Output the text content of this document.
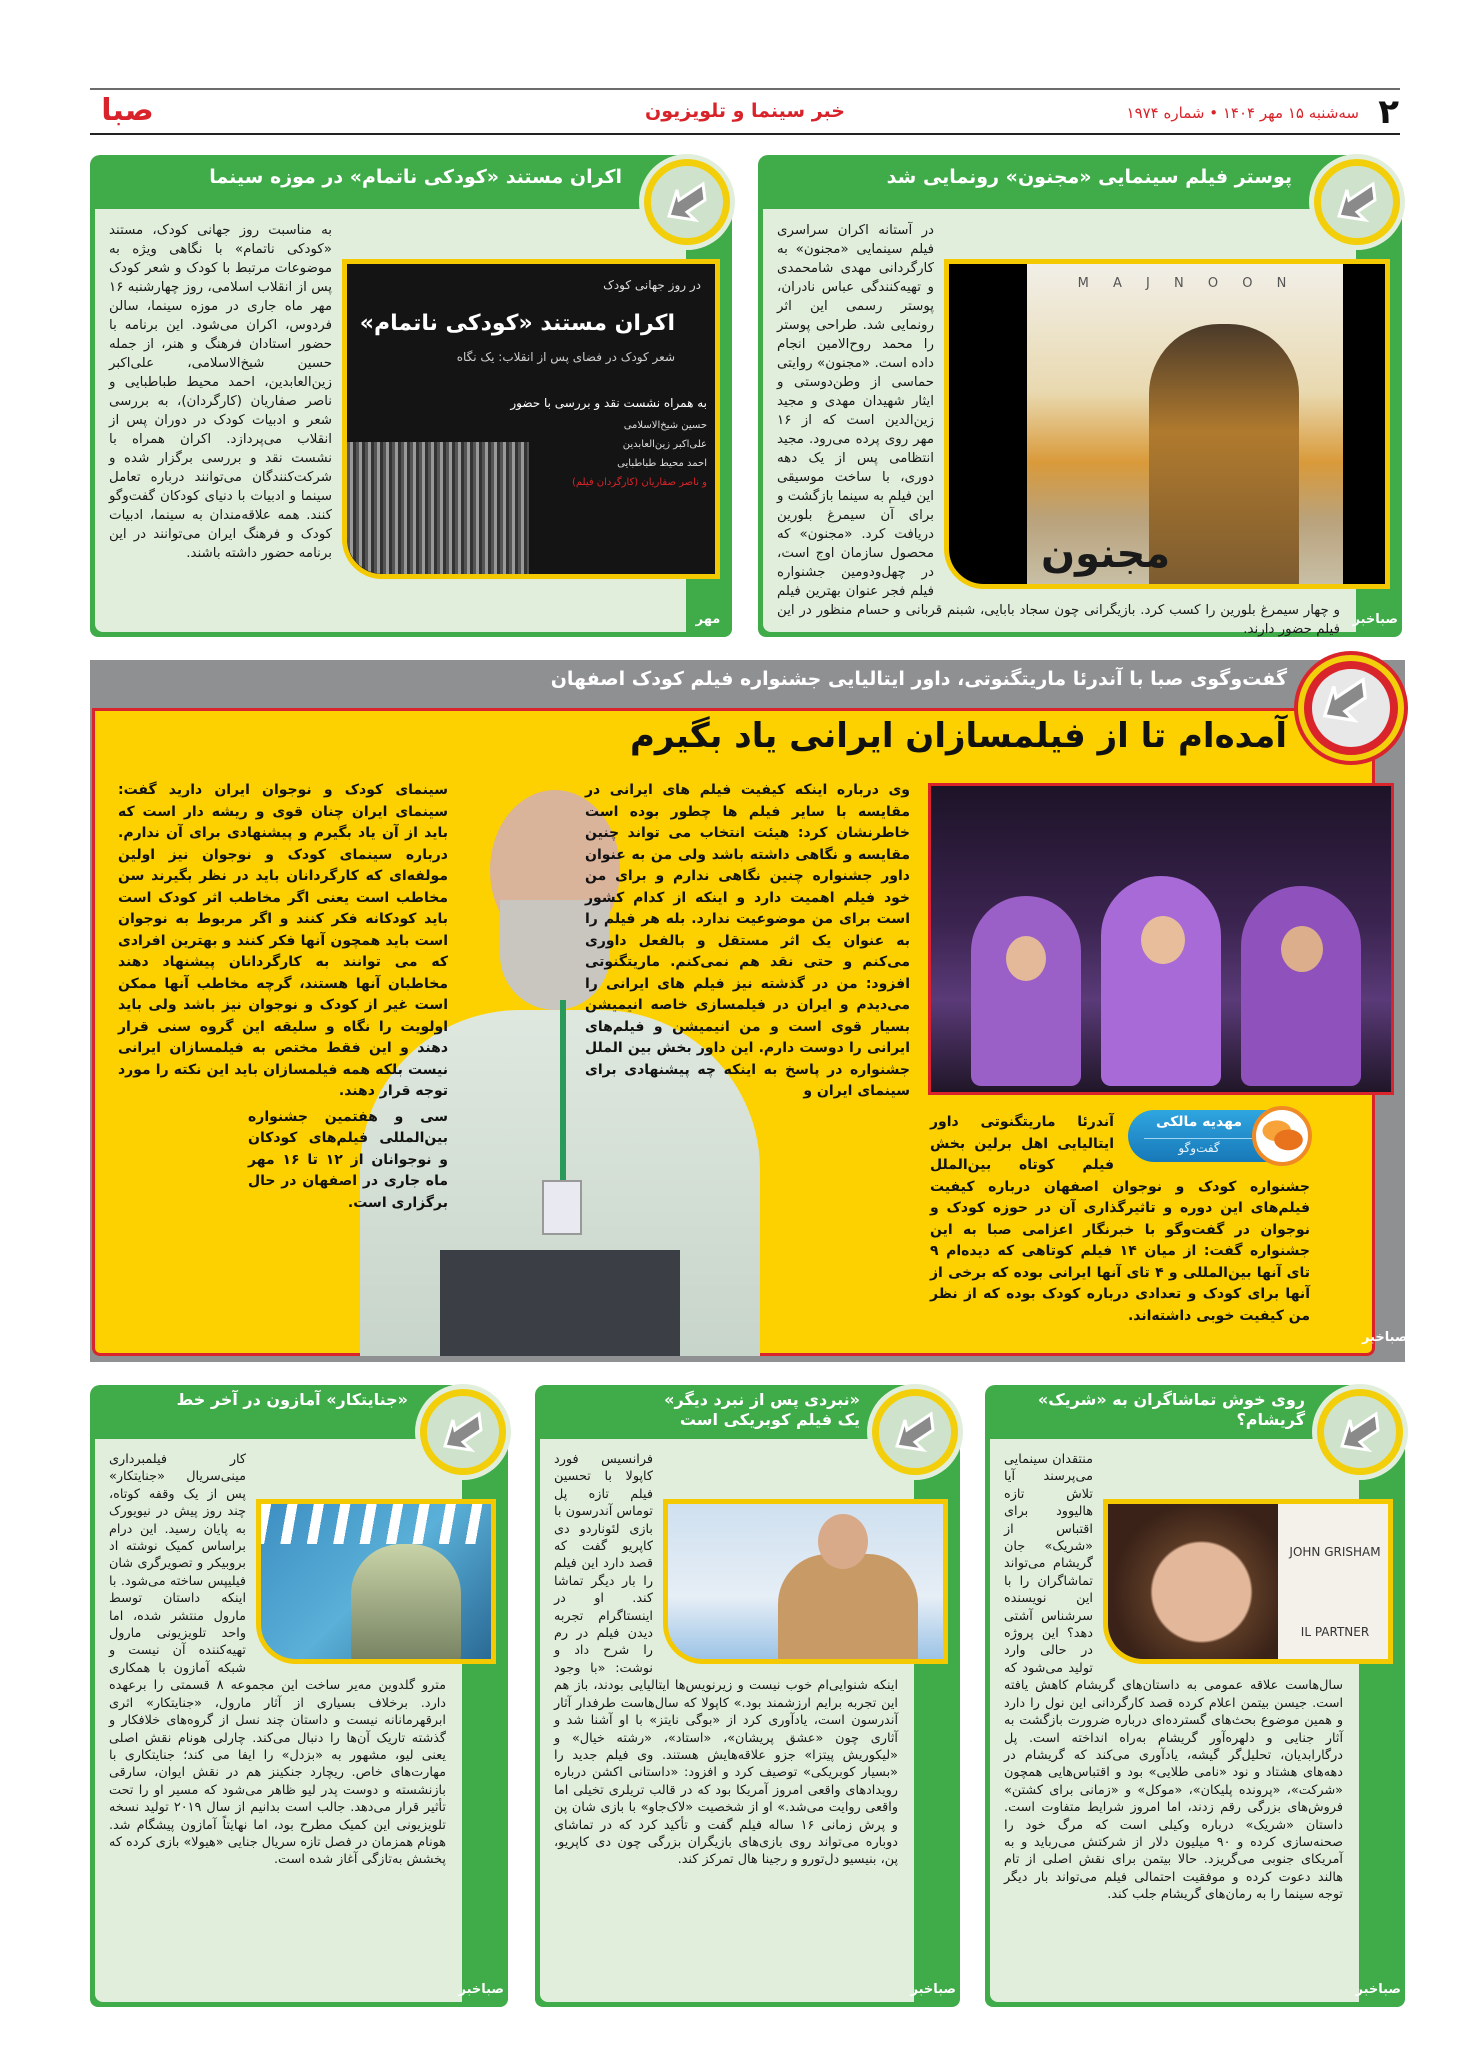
۲
سه‌شنبه ۱۵ مهر ۱۴۰۴ • شماره ۱۹۷۴
خبر سینما و تلویزیون
صبا
پوستر فیلم سینمایی «مجنون» رونمایی شد
M A J N O O N
مجنون
در آستانه اکران سراسری فیلم سینمایی «مجنون» به کارگردانی مهدی شامحمدی و تهیه‌کنندگی عباس نادران، پوستر رسمی این اثر رونمایی شد. طراحی پوستر را محمد روح‌الامین انجام داده است. «مجنون» روایتی حماسی از وطن‌دوستی و ایثار شهیدان مهدی و مجید زین‌الدین است که از ۱۶ مهر روی پرده می‌رود. مجید انتظامی پس از یک دهه دوری، با ساخت موسیقی این فیلم به سینما بازگشت و برای آن سیمرغ بلورین دریافت کرد. «مجنون» که محصول سازمان اوج است، در چهل‌ودومین جشنواره فیلم فجر عنوان بهترین فیلم و چهار سیمرغ بلورین را کسب کرد. بازیگرانی چون سجاد بابایی، شبنم قربانی و حسام منظور در این فیلم حضور دارند.
صباخبر
اکران مستند «کودکی ناتمام» در موزه سینما
در روز جهانی کودک
اکران مستند «کودکی ناتمام»
شعر کودک در فضای پس از انقلاب: یک نگاه
به همراه نشست نقد و بررسی با حضور
حسین شیخ‌الاسلامی
علی‌اکبر زین‌العابدین
احمد محیط طباطبایی
و ناصر صفاریان (کارگردان فیلم)
به مناسبت روز جهانی کودک، مستند «کودکی ناتمام» با نگاهی ویژه به موضوعات مرتبط با کودک و شعر کودک پس از انقلاب اسلامی، روز چهارشنبه ۱۶ مهر ماه جاری در موزه سینما، سالن فردوس، اکران می‌شود. این برنامه با حضور استادان فرهنگ و هنر، از جمله حسین شیخ‌الاسلامی، علی‌اکبر زین‌العابدین، احمد محیط طباطبایی و ناصر صفاریان (کارگردان)، به بررسی شعر و ادبیات کودک در دوران پس از انقلاب می‌پردازد. اکران همراه با نشست نقد و بررسی برگزار شده و شرکت‌کنندگان می‌توانند درباره تعامل سینما و ادبیات با دنیای کودکان گفت‌وگو کنند. همه علاقه‌مندان به سینما، ادبیات کودک و فرهنگ ایران می‌توانند در این برنامه حضور داشته باشند.
مهر
گفت‌وگوی صبا با آندرئا ماریتگنوتی، داور ایتالیایی جشنواره فیلم کودک اصفهان
آمده‌ام تا از فیلمسازان ایرانی یاد بگیرم
وی درباره اینکه کیفیت فیلم های ایرانی در مقایسه با سایر فیلم ها چطور بوده است خاطرنشان کرد: هیئت انتخاب می تواند چنین مقایسه و نگاهی داشته باشد ولی من به عنوان داور جشنواره چنین نگاهی ندارم و برای من خود فیلم اهمیت دارد و اینکه از کدام کشور است برای من موضوعیت ندارد. بله هر فیلم را به عنوان یک اثر مستقل و بالفعل داوری می‌کنم و حتی نقد هم نمی‌کنم. ماریتگنوتی افزود: من در گذشته نیز فیلم های ایرانی را می‌دیدم و ایران در فیلمسازی خاصه انیمیشن بسیار قوی است و من انیمیشن و فیلم‌های ایرانی را دوست دارم. این داور بخش بین الملل جشنواره در پاسخ به اینکه چه پیشنهادی برای سینمای ایران و
سینمای کودک و نوجوان ایران دارید گفت: سینمای ایران چنان قوی و ریشه دار است که باید از آن یاد بگیرم و پیشنهادی برای آن ندارم. درباره سینمای کودک و نوجوان نیز اولین مولفه‌ای که کارگردانان باید در نظر بگیرند سن مخاطب است یعنی اگر مخاطب اثر کودک است باید کودکانه فکر کنند و اگر مربوط به نوجوان است باید همچون آنها فکر کنند و بهترین افرادی که می توانند به کارگردانان پیشنهاد دهند مخاطبان آنها هستند، گرچه مخاطب آنها ممکن است غیر از کودک و نوجوان نیز باشد ولی باید اولویت را نگاه و سلیقه این گروه سنی قرار دهند و این فقط مختص به فیلمسازان ایرانی نیست بلکه همه فیلمسازان باید این نکته را مورد توجه قرار دهند.
سی و هفتمین جشنواره بین‌المللی فیلم‌های کودکان و نوجوانان از ۱۲ تا ۱۶ مهر ماه جاری در اصفهان در حال برگزاری است.
مهدیه مالکی
گفت‌وگو
آندرئا ماریتگنوتی داور ایتالیایی اهل برلین بخش فیلم کوتاه بین‌الملل جشنواره کودک و نوجوان اصفهان درباره کیفیت فیلم‌های این دوره و تاثیرگذاری آن در حوزه کودک و نوجوان در گفت‌وگو با خبرنگار اعزامی صبا به این جشنواره گفت: از میان ۱۴ فیلم کوتاهی که دیده‌ام ۹ تای آنها بین‌المللی و ۴ تای آنها ایرانی بوده که برخی از آنها برای کودک و تعدادی درباره کودک بوده که از نظر من کیفیت خوبی داشته‌اند.
صباخبر
روی خوش تماشاگران به «شریک» گریشام؟
JOHN GRISHAM
IL PARTNER
منتقدان سینمایی می‌پرسند آیا تلاش تازه هالیوود برای اقتباس از «شریک» جان گریشام می‌تواند تماشاگران را با این نویسنده سرشناس آشتی دهد؟ این پروژه در حالی وارد تولید می‌شود که سال‌هاست علاقه عمومی به داستان‌های گریشام کاهش یافته است. جیسن بیتمن اعلام کرده قصد کارگردانی این نول را دارد و همین موضوع بحث‌های گسترده‌ای درباره ضرورت بازگشت به آثار جنایی و دلهره‌آور گریشام به‌راه انداخته است. پل درگارابدیان، تحلیل‌گر گیشه، یادآوری می‌کند که گریشام در دهه‌های هشتاد و نود «نامی طلایی» بود و اقتباس‌هایی همچون «شرکت»، «پرونده پلیکان»، «موکل» و «زمانی برای کشتن» فروش‌های بزرگی رقم زدند، اما امروز شرایط متفاوت است. داستان «شریک» درباره وکیلی است که مرگ خود را صحنه‌سازی کرده و ۹۰ میلیون دلار از شرکتش می‌رباید و به آمریکای جنوبی می‌گریزد. حالا بیتمن برای نقش اصلی از تام هالند دعوت کرده و موفقیت احتمالی فیلم می‌تواند بار دیگر توجه سینما را به رمان‌های گریشام جلب کند.
صباخبر
«نبردی پس از نبرد دیگر»
یک فیلم کوبریکی است
فرانسیس فورد کاپولا با تحسین فیلم تازه پل توماس آندرسون با بازی لئوناردو دی کاپریو گفت که قصد دارد این فیلم را بار دیگر تماشا کند. او در اینستاگرام تجربه دیدن فیلم در رم را شرح داد و نوشت: «با وجود اینکه شنوایی‌ام خوب نیست و زیرنویس‌ها ایتالیایی بودند، باز هم این تجربه برایم ارزشمند بود.» کاپولا که سال‌هاست طرفدار آثار آندرسون است، یادآوری کرد از «بوگی نایتز» با او آشنا شد و آثاری چون «عشق پریشان»، «استاد»، «رشته خیال» و «لیکوریش پیتزا» جزو علاقه‌هایش هستند. وی فیلم جدید را «بسیار کوبریکی» توصیف کرد و افزود: «داستانی اکشن درباره رویدادهای واقعی امروز آمریکا بود که در قالب تریلری تخیلی اما واقعی روایت می‌شد.» او از شخصیت «لاک‌جاو» با بازی شان پن و پرش زمانی ۱۶ ساله فیلم گفت و تأکید کرد که در تماشای دوباره می‌تواند روی بازی‌های بازیگران بزرگی چون دی کاپریو، پن، بنیسیو دل‌تورو و رجینا هال تمرکز کند.
صباخبر
«جنایتکار» آمازون در آخر خط
کار فیلمبرداری مینی‌سریال «جنایتکار» پس از یک وقفه کوتاه، چند روز پیش در نیویورک به پایان رسید. این درام براساس کمیک نوشته اد بروبیکر و تصویرگری شان فیلیپس ساخته می‌شود. با اینکه داستان توسط مارول منتشر شده، اما واحد تلویزیونی مارول تهیه‌کننده آن نیست و شبکه آمازون با همکاری مترو گلدوین مه‌یر ساخت این مجموعه ۸ قسمتی را برعهده دارد. برخلاف بسیاری از آثار مارول، «جنایتکار» اثری ابرقهرمانانه نیست و داستان چند نسل از گروه‌های خلافکار و گذشته تاریک آن‌ها را دنبال می‌کند. چارلی هونام نقش اصلی یعنی لیو، مشهور به «بزدل» را ایفا می کند؛ جنایتکاری با مهارت‌های خاص. ریچارد جنکینز هم در نقش ایوان، سارقی بازنشسته و دوست پدر لیو ظاهر می‌شود که مسیر او را تحت تأثیر قرار می‌دهد. جالب است بدانیم از سال ۲۰۱۹ تولید نسخه تلویزیونی این کمیک مطرح بود، اما نهایتاً آمازون پیشگام شد. هونام همزمان در فصل تازه سریال جنایی «هیولا» بازی کرده که پخشش به‌تازگی آغاز شده است.
صباخبر
